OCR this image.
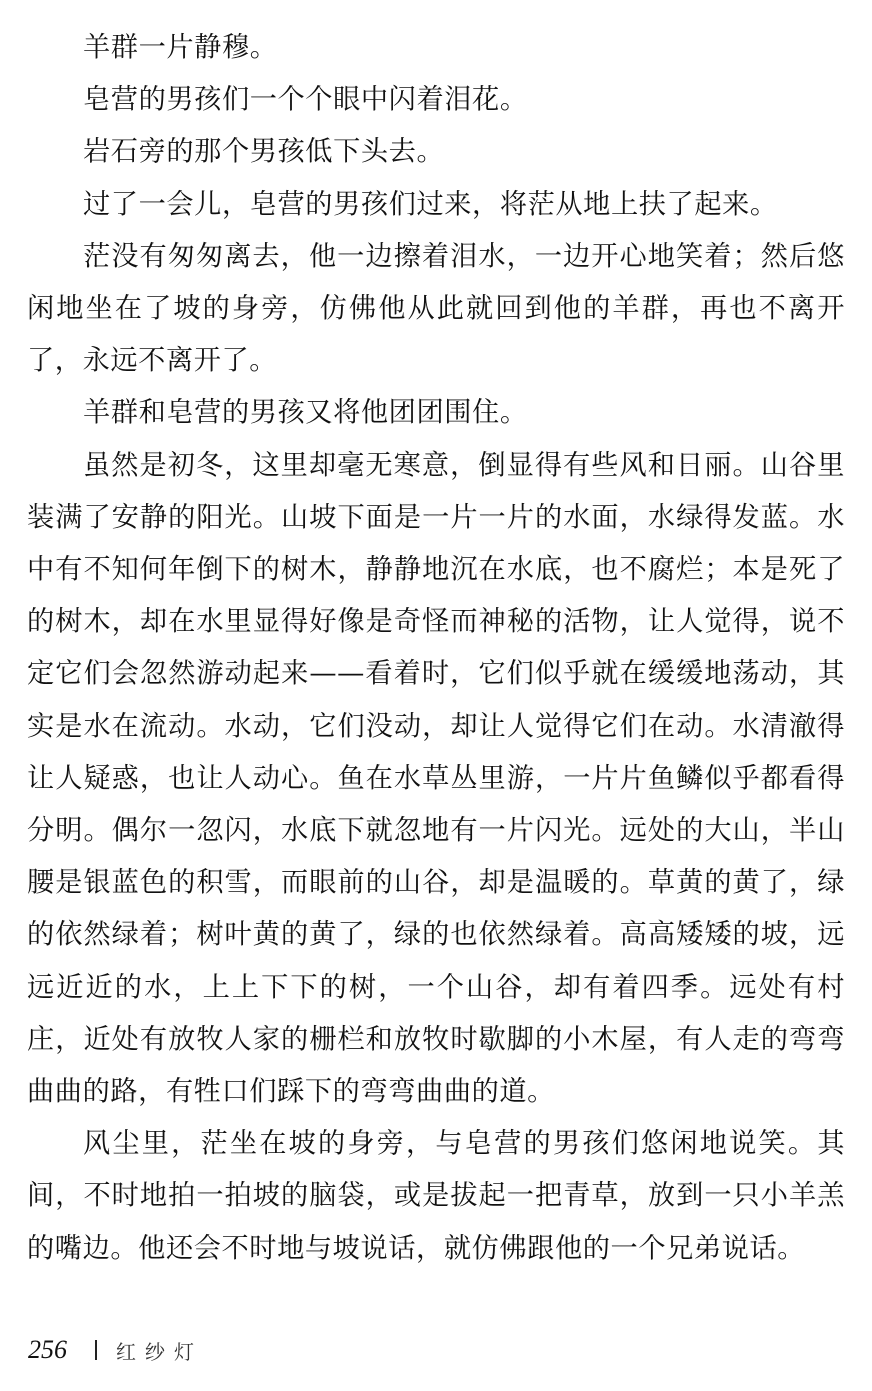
羊群一片静穆。

皂营的男孩们一个个眼中闪着泪花。

岩石旁的那个男孩低下头去。

过了一会儿，皂营的男孩们过来，将茫从地上扶了起来。

茫没有匆匆离去，他一边擦着泪水，一边开心地笑着；然后悠闲地坐在了坡的身旁，仿佛他从此就回到他的羊群，再也不离开了，永远不离开了。

羊群和皂营的男孩又将他团团围住。

虽然是初冬，这里却毫无寒意，倒显得有些风和日丽。山谷里装满了安静的阳光。山坡下面是一片一片的水面，水绿得发蓝。水中有不知何年倒下的树木，静静地沉在水底，也不腐烂；本是死了的树木，却在水里显得好像是奇怪而神秘的活物，让人觉得，说不定它们会忽然游动起来——看着时，它们似乎就在缓缓地荡动，其实是水在流动。水动，它们没动，却让人觉得它们在动。水清澈得让人疑惑，也让人动心。鱼在水草丛里游，一片片鱼鳞似乎都看得分明。偶尔一忽闪，水底下就忽地有一片闪光。远处的大山，半山腰是银蓝色的积雪，而眼前的山谷，却是温暖的。草黄的黄了，绿的依然绿着；树叶黄的黄了，绿的也依然绿着。高高矮矮的坡，远远近近的水，上上下下的树，一个山谷，却有着四季。远处有村庄，近处有放牧人家的栅栏和放牧时歇脚的小木屋，有人走的弯弯曲曲的路，有牲口们踩下的弯弯曲曲的道。

风尘里，茫坐在坡的身旁，与皂营的男孩们悠闲地说笑。其间，不时地拍一拍坡的脑袋，或是拔起一把青草，放到一只小羊羔的嘴边。他还会不时地与坡说话，就仿佛跟他的一个兄弟说话。

256 红纱灯
